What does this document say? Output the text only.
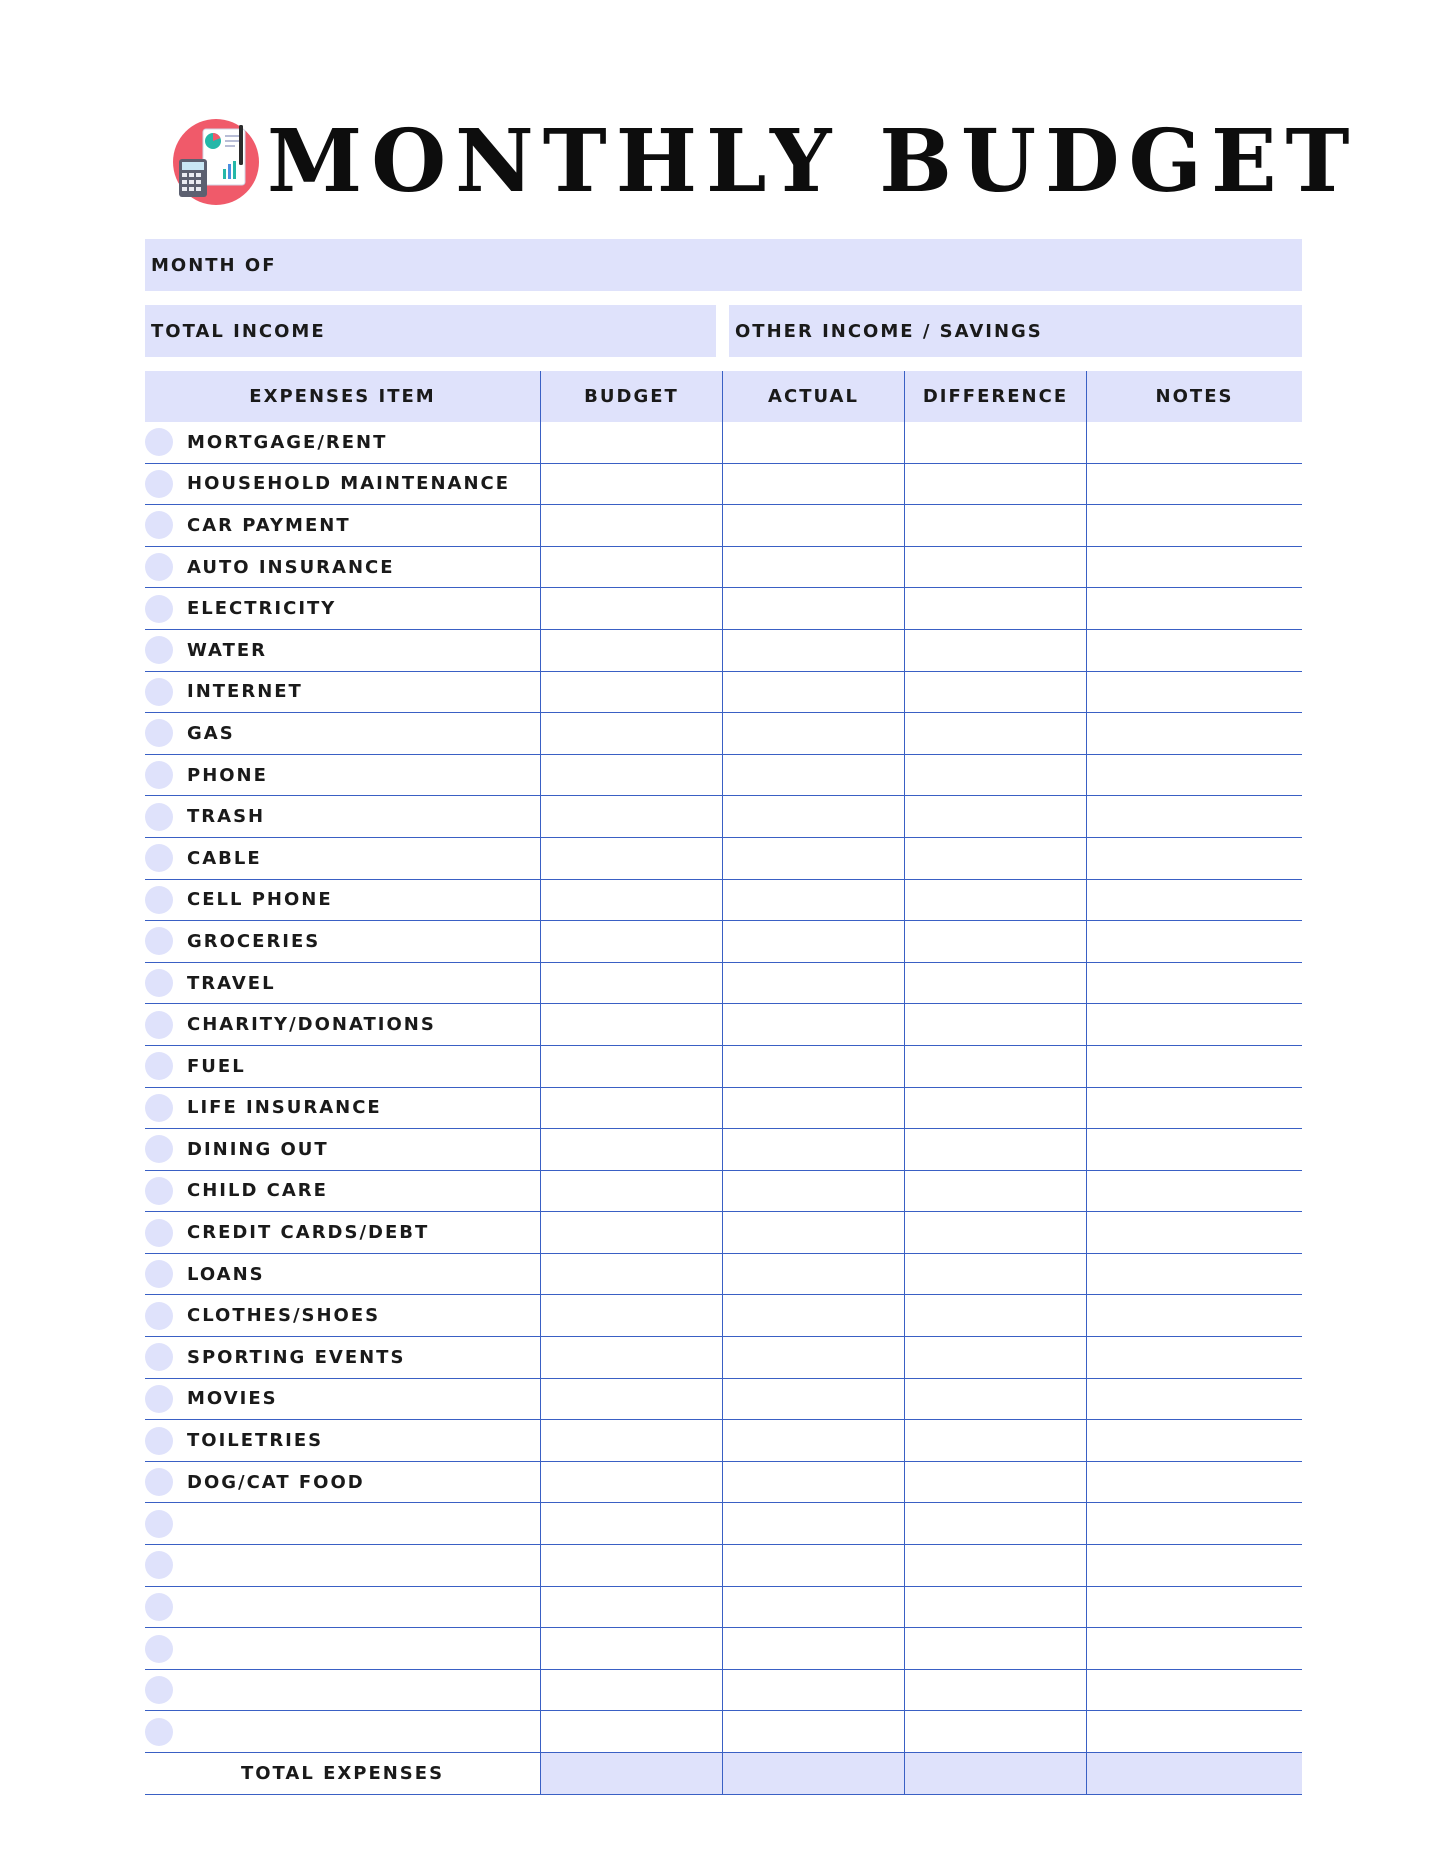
MONTHLY BUDGET
MONTH OF
TOTAL INCOME	OTHER INCOME / SAVINGS
EXPENSES ITEM	BUDGET	ACTUAL	DIFFERENCE	NOTES
MORTGAGE/RENT
HOUSEHOLD MAINTENANCE
CAR PAYMENT
AUTO INSURANCE
ELECTRICITY
WATER
INTERNET
GAS
PHONE
TRASH
CABLE
CELL PHONE
GROCERIES
TRAVEL
CHARITY/DONATIONS
FUEL
LIFE INSURANCE
DINING OUT
CHILD CARE
CREDIT CARDS/DEBT
LOANS
CLOTHES/SHOES
SPORTING EVENTS
MOVIES
TOILETRIES
DOG/CAT FOOD
TOTAL EXPENSES
